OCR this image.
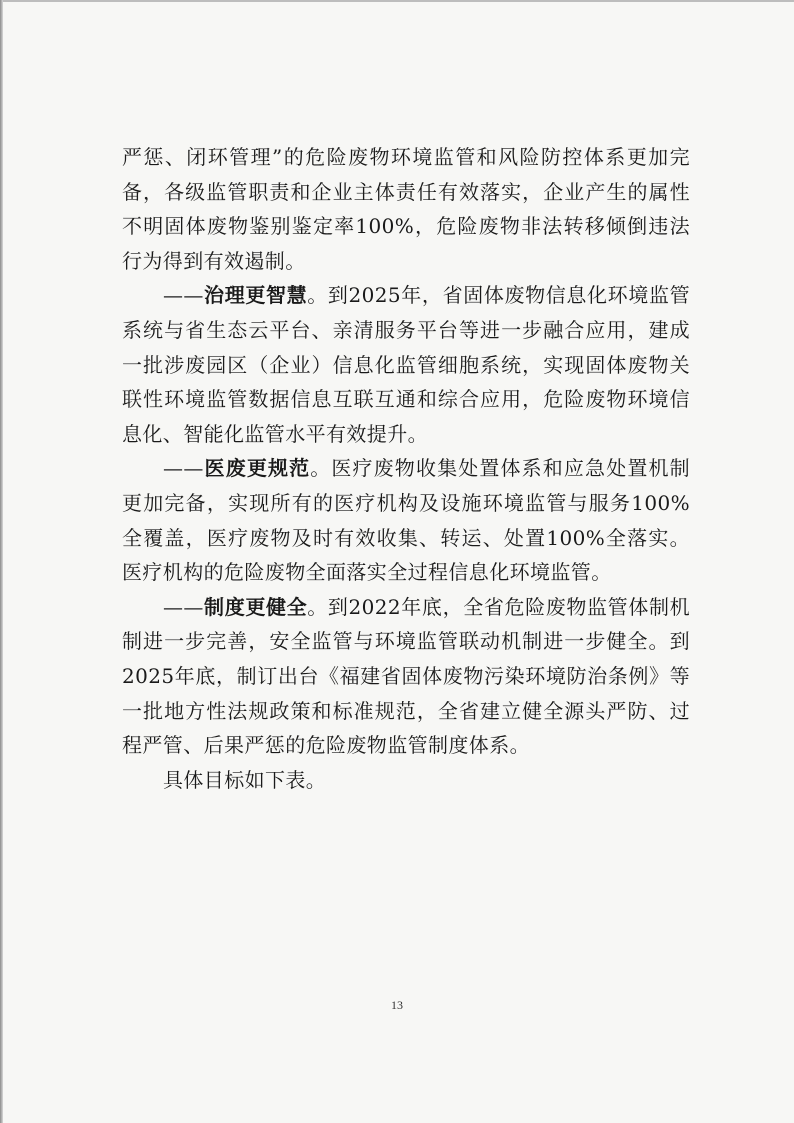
严惩、闭环管理”的危险废物环境监管和风险防控体系更加完备，各级监管职责和企业主体责任有效落实，企业产生的属性不明固体废物鉴别鉴定率100%，危险废物非法转移倾倒违法行为得到有效遏制。

——治理更智慧。到2025年，省固体废物信息化环境监管系统与省生态云平台、亲清服务平台等进一步融合应用，建成一批涉废园区（企业）信息化监管细胞系统，实现固体废物关联性环境监管数据信息互联互通和综合应用，危险废物环境信息化、智能化监管水平有效提升。

——医废更规范。医疗废物收集处置体系和应急处置机制更加完备，实现所有的医疗机构及设施环境监管与服务100%全覆盖，医疗废物及时有效收集、转运、处置100%全落实。医疗机构的危险废物全面落实全过程信息化环境监管。

——制度更健全。到2022年底，全省危险废物监管体制机制进一步完善，安全监管与环境监管联动机制进一步健全。到2025年底，制订出台《福建省固体废物污染环境防治条例》等一批地方性法规政策和标准规范，全省建立健全源头严防、过程严管、后果严惩的危险废物监管制度体系。

具体目标如下表。

13
